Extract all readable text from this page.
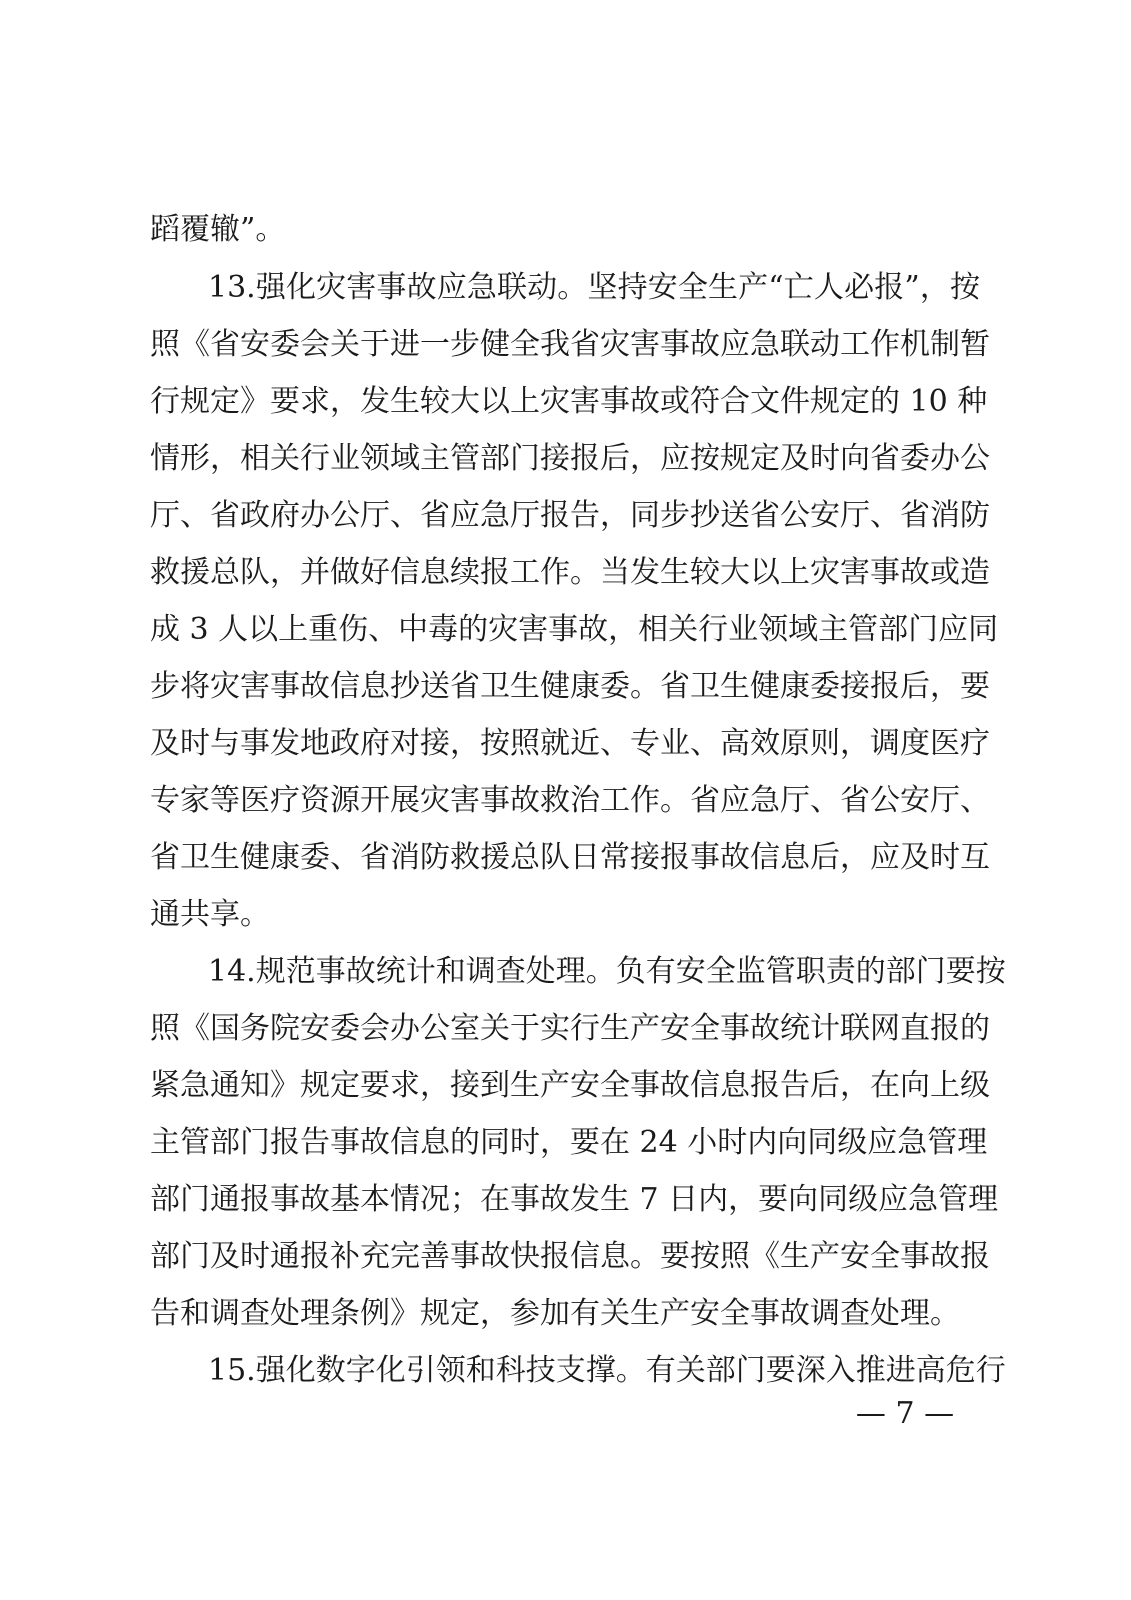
蹈覆辙”。
13.强化灾害事故应急联动。坚持安全生产“亡人必报”，按
照《省安委会关于进一步健全我省灾害事故应急联动工作机制暂
行规定》要求，发生较大以上灾害事故或符合文件规定的 10 种
情形，相关行业领域主管部门接报后，应按规定及时向省委办公
厅、省政府办公厅、省应急厅报告，同步抄送省公安厅、省消防
救援总队，并做好信息续报工作。当发生较大以上灾害事故或造
成 3 人以上重伤、中毒的灾害事故，相关行业领域主管部门应同
步将灾害事故信息抄送省卫生健康委。省卫生健康委接报后，要
及时与事发地政府对接，按照就近、专业、高效原则，调度医疗
专家等医疗资源开展灾害事故救治工作。省应急厅、省公安厅、
省卫生健康委、省消防救援总队日常接报事故信息后，应及时互
通共享。
14.规范事故统计和调查处理。负有安全监管职责的部门要按
照《国务院安委会办公室关于实行生产安全事故统计联网直报的
紧急通知》规定要求，接到生产安全事故信息报告后，在向上级
主管部门报告事故信息的同时，要在 24 小时内向同级应急管理
部门通报事故基本情况；在事故发生 7 日内，要向同级应急管理
部门及时通报补充完善事故快报信息。要按照《生产安全事故报
告和调查处理条例》规定，参加有关生产安全事故调查处理。
15.强化数字化引领和科技支撑。有关部门要深入推进高危行
— 7 —
